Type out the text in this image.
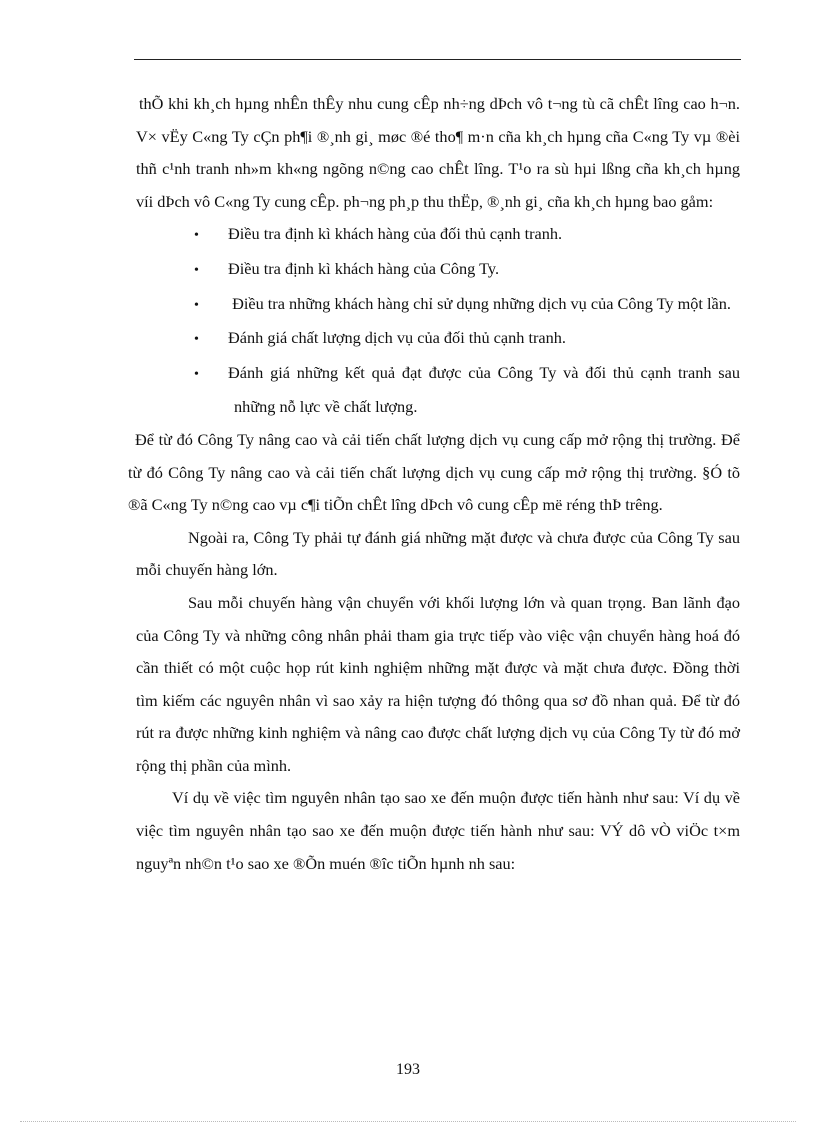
thÕ khi kh¸ch hµng nhÊn thÊy nhu cung cÊp nh÷ng dÞch vô t¬ng tù cã chÊt lîng cao h¬n. V× vËy C«ng Ty cÇn ph¶i ®¸nh gi¸ møc ®é tho¶ m·n cña kh¸ch hµng cña C«ng Ty vµ ®èi thñ c¹nh tranh nh»m kh«ng ngõng n©ng cao chÊt lîng. T¹o ra sù hµi lßng cña kh¸ch hµng víi dÞch vô C«ng Ty cung cÊp. ph¬ng ph¸p thu thËp, ®¸nh gi¸ cña kh¸ch hµng bao gåm:

• Điều tra định kì khách hàng của đối thủ cạnh tranh.
• Điều tra định kì khách hàng của Công Ty.
• Điều tra những khách hàng chỉ sử dụng những dịch vụ của Công Ty một lần.
• Đánh giá chất lượng dịch vụ của đối thủ cạnh tranh.
• Đánh giá những kết quả đạt được của Công Ty và đối thủ cạnh tranh sau những nỗ lực về chất lượng.

Để từ đó Công Ty nâng cao và cải tiến chất lượng dịch vụ cung cấp mở rộng thị trường. Để từ đó Công Ty nâng cao và cải tiến chất lượng dịch vụ cung cấp mở rộng thị trường. §Ó tõ ®ã C«ng Ty n©ng cao vµ c¶i tiÕn chÊt lîng dÞch vô cung cÊp më réng thÞ trêng.

Ngoài ra, Công Ty phải tự đánh giá những mặt được và chưa được của Công Ty sau mỗi chuyến hàng lớn.

Sau mỗi chuyến hàng vận chuyển với khối lượng lớn và quan trọng. Ban lãnh đạo của Công Ty và những công nhân phải tham gia trực tiếp vào việc vận chuyển hàng hoá đó cần thiết có một cuộc họp rút kinh nghiệm những mặt được và mặt chưa được. Đồng thời tìm kiếm các nguyên nhân vì sao xảy ra hiện tượng đó thông qua sơ đồ nhan quả. Để từ đó rút ra được những kinh nghiệm và nâng cao được chất lượng dịch vụ của Công Ty từ đó mở rộng thị phần của mình.

Ví dụ về việc tìm nguyên nhân tạo sao xe đến muộn được tiến hành như sau: Ví dụ về việc tìm nguyên nhân tạo sao xe đến muộn được tiến hành như sau: VÝ dô vÒ viÖc t×m nguyªn nh©n t¹o sao xe ®Õn muén ®îc tiÕn hµnh nh sau:

193
